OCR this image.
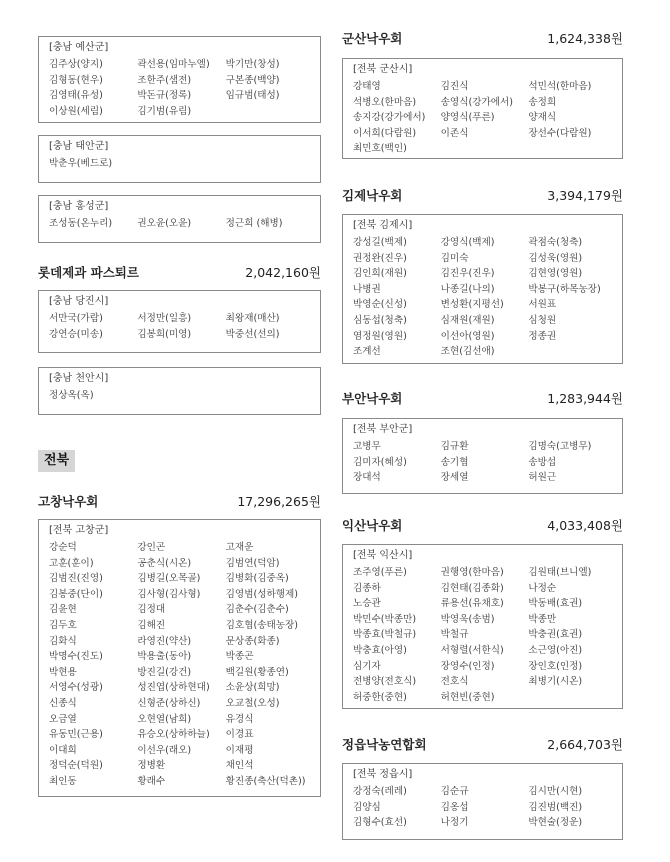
[충남 예산군]
김주상(양지)	곽선용(임마누엘)	박기만(창성)
김형동(현우)	조한주(샘전)	구본종(백양)
김영태(유성)	박돈규(정록)	임규범(태성)
이상원(세림)	김기범(유림)
[충남 태안군]
박춘우(베드로)
[충남 홍성군]
조성동(온누리)	권오윤(오윤)	정근희 (해병)
롯데제과 파스퇴르	2,042,160원
[충남 당진시]
서만국(가람)	서정만(일흥)	최왕재(매산)
강연승(미송)	김봉희(미영)	박중선(선의)
[충남 천안시]
정상옥(옥)
전북
고창낙우회	17,296,265원
[전북 고창군]
강순덕	강인곤	고재운
고훈(훈이)	공춘식(시온)	김범연(덕암)
김범진(진영)	김병길(오목골)	김병화(김중옥)
김봉중(단이)	김사형(김사형)	김영범(성하행제)
김윤현	김정대	김춘수(김춘수)
김두호	김해진	김호협(송태농장)
김화식	라영진(약산)	문상종(화종)
박명수(진도)	박용출(동아)	박종곤
박현용	방진길(강건)	백길원(황종연)
서영수(성광)	성진엽(상하현대)	소윤상(희망)
신종식	신형준(상하신)	오교철(오성)
오금열	오현열(남희)	유경식
유동민(근용)	유승오(상하하늘)	이경표
이대희	이선우(래오)	이재평
정덕순(덕원)	정병환	채인석
최인동	황래수	황진종(축산(덕촌))
군산낙우회	1,624,338원
[전북 군산시]
강태영	김진식	석민석(한마음)
석병오(한마음)	송영식(강가에서)	송정희
송지강(강가에서)	양영식(푸른)	양재식
이서희(다람원)	이존식	장선수(다람원)
최민호(백인)
김제낙우회	3,394,179원
[전북 김제시]
강성길(백제)	강영식(백제)	곽점숙(청축)
권정완(진우)	김미숙	김성욱(영원)
김인희(재원)	김진우(진우)	김현영(영원)
나병권	나종길(나의)	박봉구(하목농장)
박영순(신성)	변성환(지평선)	서원표
심동섭(청축)	심재원(재원)	심청원
염정원(영원)	이선아(영원)	정종권
조계선	조현(김선애)
부안낙우회	1,283,944원
[전북 부안군]
고병무	김규환	김명숙(고병무)
김미자(혜성)	송기협	송방섭
장대석	장세열	허원근
익산낙우회	4,033,408원
[전북 익산시]
조주영(푸른)	권행영(한마음)	김원태(브니엘)
김종하	김현태(김종화)	나정순
노승관	류용선(유채호)	박동배(효권)
박민수(박종만)	박영욱(송범)	박종만
박종효(박철규)	박철규	박충권(효권)
박충효(아영)	서형렬(서한식)	소근영(아진)
심기자	장영수(인정)	장인호(인정)
전병양(전호식)	전호식	최병기(시온)
허중한(중현)	허현빈(중현)
정읍낙농연합회	2,664,703원
[전북 정읍시]
강정숙(레레)	김순규	김시만(시현)
김양심	김옹섭	김진범(백진)
김형수(효선)	나정기	박현술(정운)
